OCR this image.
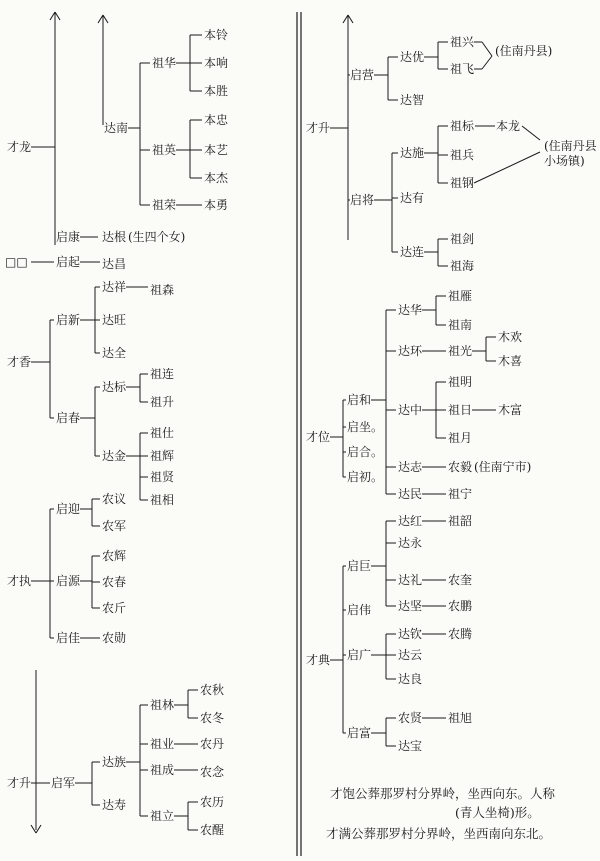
才龙
启康 达根 (生四个女)
达南
祖华
祖英
祖荣
本铃
本响
本胜
本忠
本艺
本杰
本勇
□□ 启起 达昌
才香
启新
启春
达祥
达旺
达全
祖森
达标
达金
祖连
祖升
祖仕
祖辉
祖贤
祖相
才执
启迎
启源
启佳
农议
农军
农辉
农春
农斤
农勋
才升 启军
达族
达寿
祖林
祖业
祖成
祖立
农秋
农冬
农丹
农念
农历
农醒
才升
启营
启将
达优
达智
祖兴
祖飞
达施
达有
达连
祖标
祖兵
祖钢
本龙
祖剑
祖海
才位
启和
启坐。
启合。
启初。
达华
达环
达中
达志
达民
祖雁
祖南
祖光
木欢
木喜
祖明
祖日
祖月
木富
农毅 (住南宁市)
祖宁
才典
启巨
启伟
启广
启富
达红
达永
达礼
达坚
祖韶
农奎
农鹏
达钦
达云
达良
农腾
农贤
达宝
祖旭
(住南丹县)
(住南丹县
小场镇)
才饱公葬那罗村分界岭，坐西向东。人称
(青人坐椅)形。
才满公葬那罗村分界岭，坐西南向东北。
